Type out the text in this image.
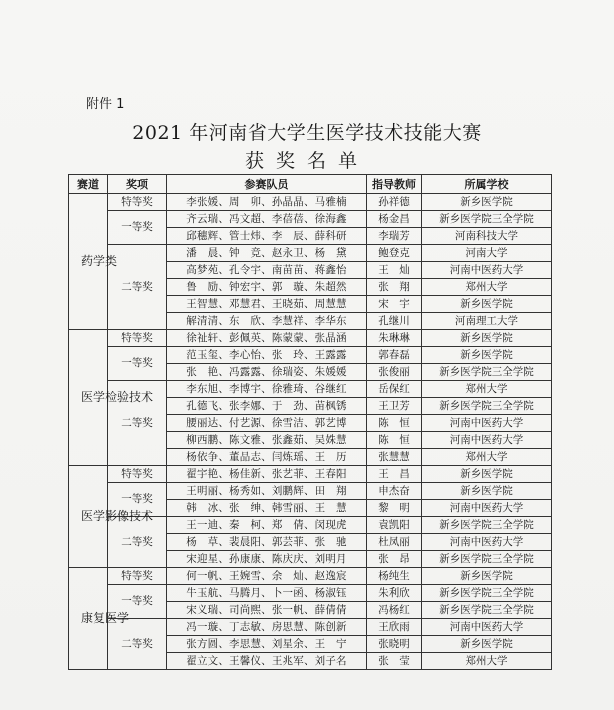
附件 1
2021 年河南省大学生医学技术技能大赛
获奖名单
赛道	奖项	参赛队员	指导教师	所属学校
药学类	特等奖	李张媛、周　卯、孙晶晶、马雅楠	孙祥德	新乡医学院
	一等奖	齐云瑞、冯文超、李蓓蓓、徐海鑫	杨金昌	新乡医学院三全学院
		邱穗辉、管士炜、李　辰、薛科研	李瑞芳	河南科技大学
	二等奖	潘　晨、钟　竞、赵永卫、杨　黛	鲍登克	河南大学
		高梦苑、孔令宇、南苗苗、蒋鑫怡	王　灿	河南中医药大学
		鲁　励、钟宏宇、郭　璇、朱超然	张　翔	郑州大学
		王智慧、邓慧君、王晓茹、周慧慧	宋　宇	新乡医学院
		解清清、东　欣、李慧祥、李华东	孔继川	河南理工大学
医学检验技术	特等奖	徐祉轩、彭佩英、陈蒙蒙、张晶涵	朱琳琳	新乡医学院
	一等奖	范玉玺、李心怡、张　玲、王露露	郭春磊	新乡医学院
		张　艳、冯露露、徐瑞姿、朱媛媛	张俊丽	新乡医学院三全学院
	二等奖	李东旭、李博宇、徐雅琦、谷继红	岳保红	郑州大学
		孔德飞、张李娜、于　劲、苗枫锈	王卫芳	新乡医学院三全学院
		腰丽达、付艺源、徐雪洁、郭艺博	陈　恒	河南中医药大学
		柳西鹏、陈文雅、张鑫茹、吴姝慧	陈　恒	河南中医药大学
		杨依争、董品志、闫炼瑶、王　历	张慧慧	郑州大学
医学影像技术	特等奖	翟宇艳、杨佳新、张艺菲、王春阳	王　昌	新乡医学院
	一等奖	王明丽、杨秀如、刘鹏辉、田　翔	申杰奋	新乡医学院
		韩　冰、张　绅、韩雪丽、王　慧	黎　明	河南中医药大学
	二等奖	王一迪、秦　柯、郑　倩、闵现虎	袁凯阳	新乡医学院三全学院
		杨　草、裴晨阳、郭芸菲、张　驰	杜凤丽	河南中医药大学
		宋迎星、孙康康、陈庆庆、刘明月	张　昂	新乡医学院三全学院
康复医学	特等奖	何一帆、王婉雪、余　灿、赵逸宸	杨纯生	新乡医学院
	一等奖	牛玉航、马腾月、卜一函、杨淑钰	朱利欣	新乡医学院三全学院
		宋义瑞、司尚熙、张一帆、薛倩倩	冯杨红	新乡医学院三全学院
	二等奖	冯一璇、丁志敏、房思慧、陈创新	王欣雨	河南中医药大学
		张方圆、李思慧、刘星余、王　宁	张晓明	新乡医学院
		翟立文、王馨仪、王兆军、刘子名	张　莹	郑州大学
